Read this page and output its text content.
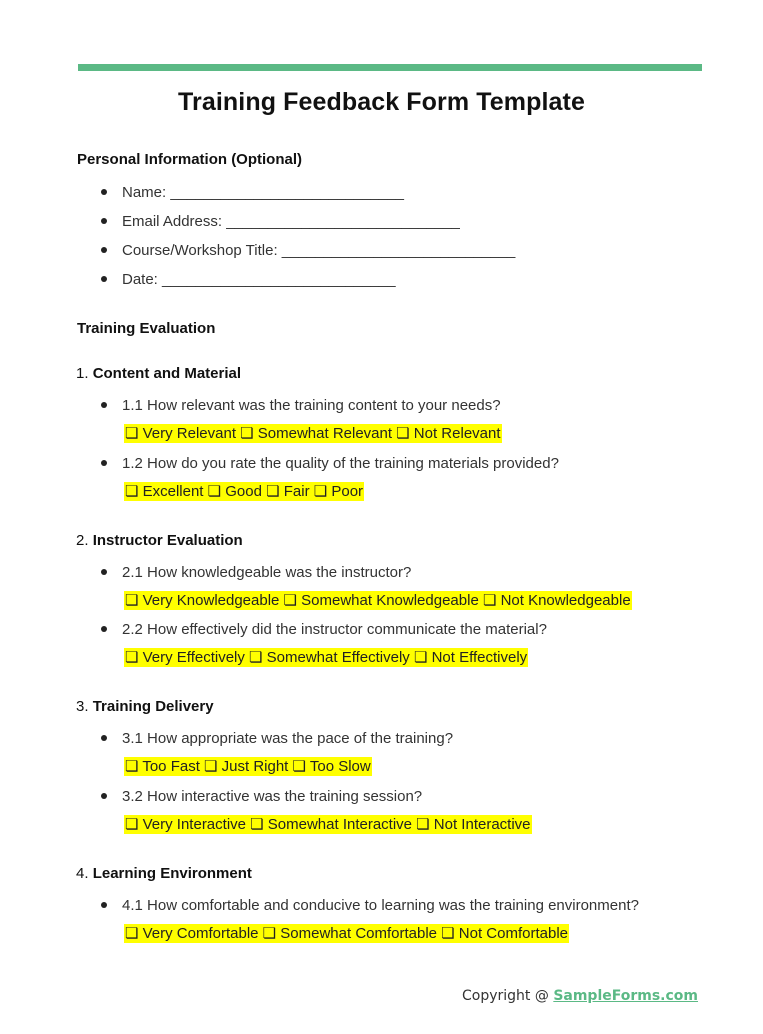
Training Feedback Form Template
Personal Information (Optional)
Name: ____________________________
Email Address: ____________________________
Course/Workshop Title: ____________________________
Date: ____________________________
Training Evaluation
1. Content and Material
1.1 How relevant was the training content to your needs?
❏ Very Relevant ❏ Somewhat Relevant ❏ Not Relevant
1.2 How do you rate the quality of the training materials provided?
❏ Excellent ❏ Good ❏ Fair ❏ Poor
2. Instructor Evaluation
2.1 How knowledgeable was the instructor?
❏ Very Knowledgeable ❏ Somewhat Knowledgeable ❏ Not Knowledgeable
2.2 How effectively did the instructor communicate the material?
❏ Very Effectively ❏ Somewhat Effectively ❏ Not Effectively
3. Training Delivery
3.1 How appropriate was the pace of the training?
❏ Too Fast ❏ Just Right ❏ Too Slow
3.2 How interactive was the training session?
❏ Very Interactive ❏ Somewhat Interactive ❏ Not Interactive
4. Learning Environment
4.1 How comfortable and conducive to learning was the training environment?
❏ Very Comfortable ❏ Somewhat Comfortable ❏ Not Comfortable
Copyright @ SampleForms.com
